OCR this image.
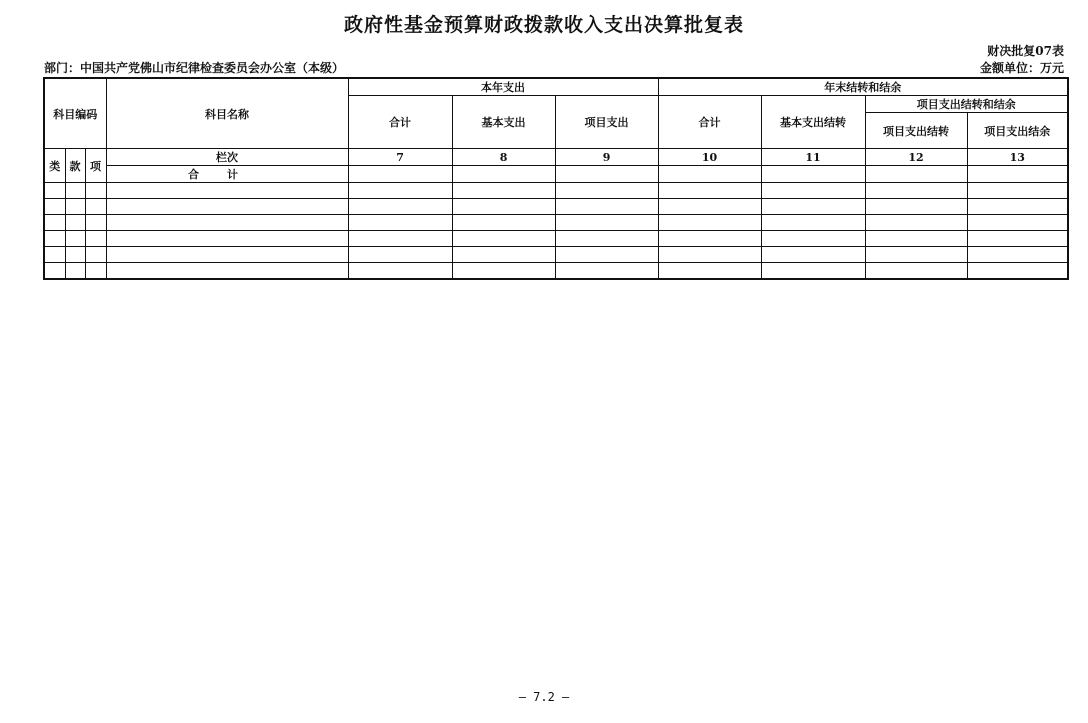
政府性基金预算财政拨款收入支出决算批复表
财决批复07表
金额单位：万元
部门：中国共产党佛山市纪律检查委员会办公室（本级）
科目编码			科目名称	本年支出			年末结转和结余			
				合计	基本支出	项目支出	合计	基本支出结转	项目支出结转和结余	
									项目支出结转	项目支出结余
类	款	项	栏次	7	8	9	10	11	12	13
			合计							

— 7.2 —
